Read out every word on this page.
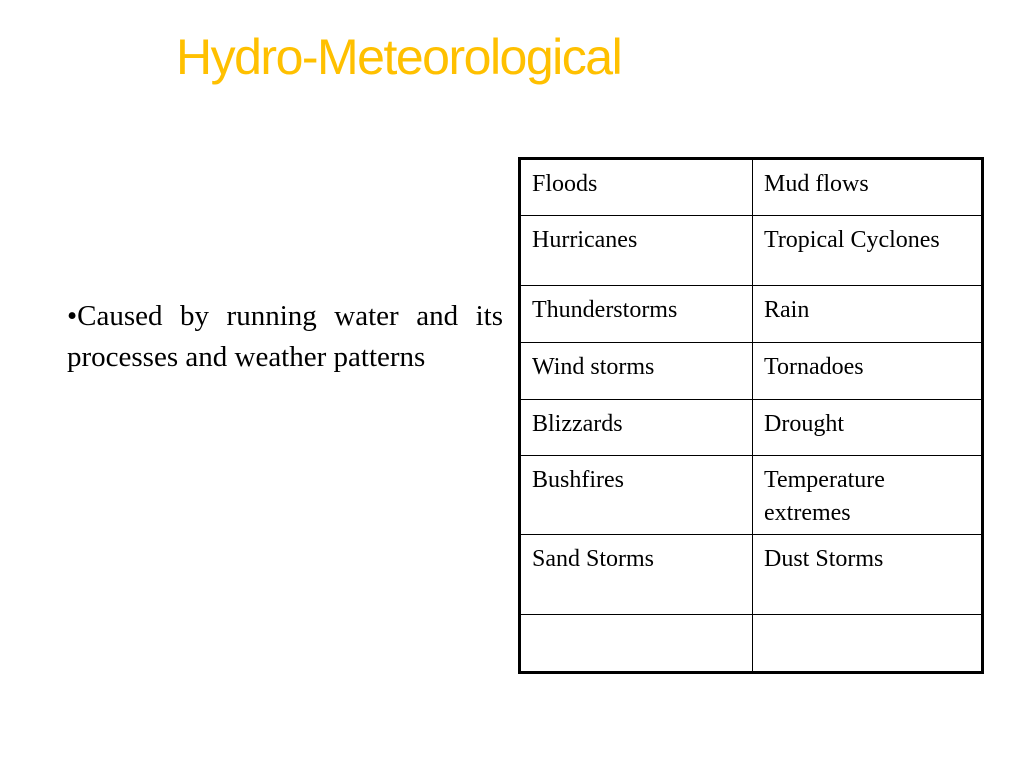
Hydro-Meteorological

•Caused by running water and its processes and weather patterns

Floods	Mud flows
Hurricanes	Tropical Cyclones
Thunderstorms	Rain
Wind storms	Tornadoes
Blizzards	Drought
Bushfires	Temperature extremes
Sand Storms	Dust Storms
